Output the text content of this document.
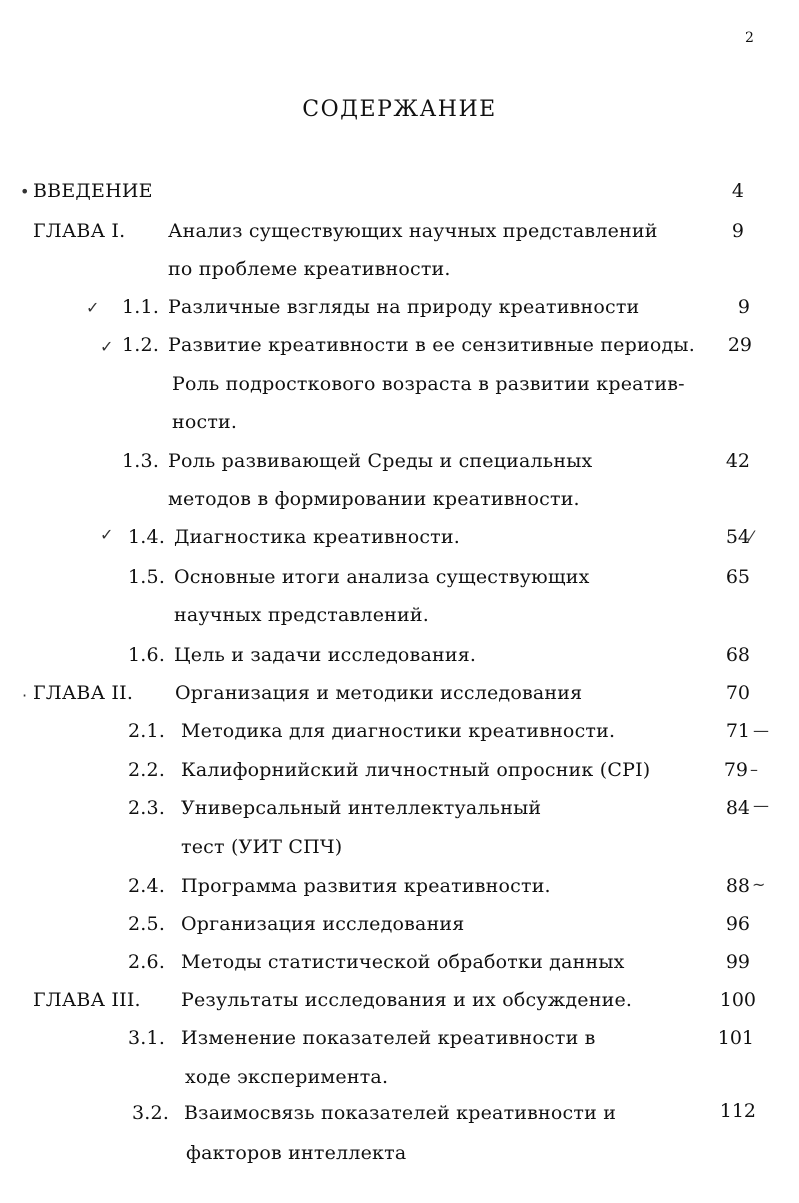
2
СОДЕРЖАНИЕ
•
✓
✓
✓
·
⁄
—
–
—
~
ВВЕДЕНИЕ	4
ГЛАВА I. Анализ существующих научных представлений
по проблеме креативности.
9
1.1. Различные взгляды на природу креативности	9
1.2. Развитие креативности в ее сензитивные периоды.
Роль подросткового возраста в развитии креатив-
ности.
29
1.3. Роль развивающей Среды и специальных
методов в формировании креативности.
42
1.4. Диагностика креативности.	54
1.5. Основные итоги анализа существующих
научных представлений.
65
1.6. Цель и задачи исследования.	68
ГЛАВА II. Организация и методики исследования	70
2.1. Методика для диагностики креативности.	71
2.2. Калифорнийский личностный опросник (CPI)	79
2.3. Универсальный интеллектуальный
тест (УИТ СПЧ)
84
2.4. Программа развития креативности.	88
2.5. Организация исследования	96
2.6. Методы статистической обработки данных	99
ГЛАВА III. Результаты исследования и их обсуждение.	100
3.1. Изменение показателей креативности в
ходе эксперимента.
101
3.2. Взаимосвязь показателей креативности и
факторов интеллекта
112
